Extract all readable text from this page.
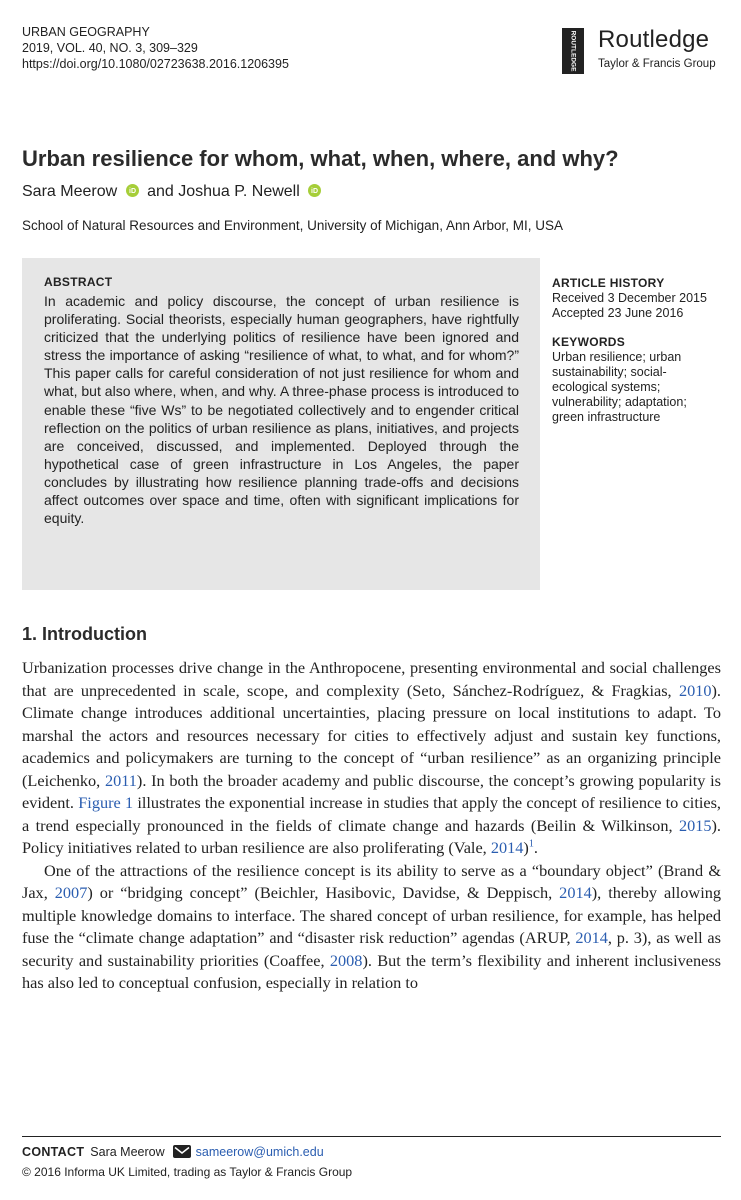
URBAN GEOGRAPHY
2019, VOL. 40, NO. 3, 309–329
https://doi.org/10.1080/02723638.2016.1206395	ROUTLEDGE Routledge
Taylor & Francis Group
Urban resilience for whom, what, when, where, and why?
Sara Meerow iD and Joshua P. Newell iD
School of Natural Resources and Environment, University of Michigan, Ann Arbor, MI, USA
ABSTRACT
In academic and policy discourse, the concept of urban resilience is proliferating. Social theorists, especially human geographers, have rightfully criticized that the underlying politics of resilience have been ignored and stress the importance of asking “resilience of what, to what, and for whom?” This paper calls for careful consideration of not just resilience for whom and what, but also where, when, and why. A three-phase process is introduced to enable these “five Ws” to be negotiated collectively and to engender critical reflection on the politics of urban resilience as plans, initiatives, and projects are conceived, discussed, and implemented. Deployed through the hypothetical case of green infrastructure in Los Angeles, the paper concludes by illustrating how resilience planning trade-offs and decisions affect outcomes over space and time, often with significant implications for equity.
ARTICLE HISTORY
Received 3 December 2015
Accepted 23 June 2016
KEYWORDS
Urban resilience; urban sustainability; social-ecological systems; vulnerability; adaptation; green infrastructure
1. Introduction

Urbanization processes drive change in the Anthropocene, presenting environmental and social challenges that are unprecedented in scale, scope, and complexity (Seto, Sánchez-Rodríguez, & Fragkias, 2010). Climate change introduces additional uncertainties, placing pressure on local institutions to adapt. To marshal the actors and resources necessary for cities to effectively adjust and sustain key functions, academics and policymakers are turning to the concept of “urban resilience” as an organizing principle (Leichenko, 2011). In both the broader academy and public discourse, the concept’s growing popularity is evident. Figure 1 illustrates the exponential increase in studies that apply the concept of resilience to cities, a trend especially pronounced in the fields of climate change and hazards (Beilin & Wilkinson, 2015). Policy initiatives related to urban resilience are also proliferating (Vale, 2014)$^1$.

One of the attractions of the resilience concept is its ability to serve as a “boundary object” (Brand & Jax, 2007) or “bridging concept” (Beichler, Hasibovic, Davidse, & Deppisch, 2014), thereby allowing multiple knowledge domains to interface. The shared concept of urban resilience, for example, has helped fuse the “climate change adaptation” and “disaster risk reduction” agendas (ARUP, 2014, p. 3), as well as security and sustainability priorities (Coaffee, 2008). But the term’s flexibility and inherent inclusiveness has also led to conceptual confusion, especially in relation to

CONTACT Sara Meerow sameerow@umich.edu
© 2016 Informa UK Limited, trading as Taylor & Francis Group
